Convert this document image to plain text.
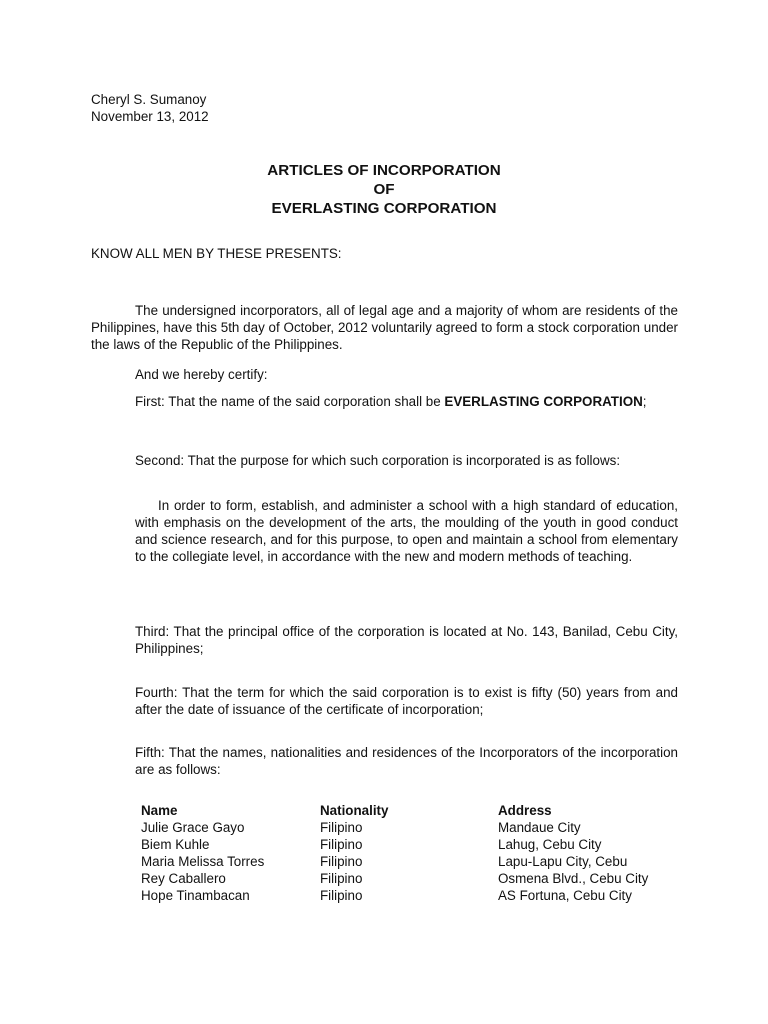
Cheryl S. Sumanoy

November 13, 2012

ARTICLES OF INCORPORATION

OF

EVERLASTING CORPORATION

KNOW ALL MEN BY THESE PRESENTS:

The undersigned incorporators, all of legal age and a majority of whom are residents of the Philippines, have this 5th day of October, 2012 voluntarily agreed to form a stock corporation under the laws of the Republic of the Philippines.

And we hereby certify:

First: That the name of the said corporation shall be EVERLASTING CORPORATION;

Second: That the purpose for which such corporation is incorporated is as follows:

In order to form, establish, and administer a school with a high standard of education, with emphasis on the development of the arts, the moulding of the youth in good conduct and science research, and for this purpose, to open and maintain a school from elementary to the collegiate level, in accordance with the new and modern methods of teaching.

Third: That the principal office of the corporation is located at No. 143, Banilad, Cebu City, Philippines;

Fourth: That the term for which the said corporation is to exist is fifty (50) years from and after the date of issuance of the certificate of incorporation;

Fifth: That the names, nationalities and residences of the Incorporators of the incorporation are as follows:

Name	Nationality	Address
Julie Grace Gayo	Filipino	Mandaue City
Biem Kuhle	Filipino	Lahug, Cebu City
Maria Melissa Torres	Filipino	Lapu-Lapu City, Cebu
Rey Caballero	Filipino	Osmena Blvd., Cebu City
Hope Tinambacan	Filipino	AS Fortuna, Cebu City
